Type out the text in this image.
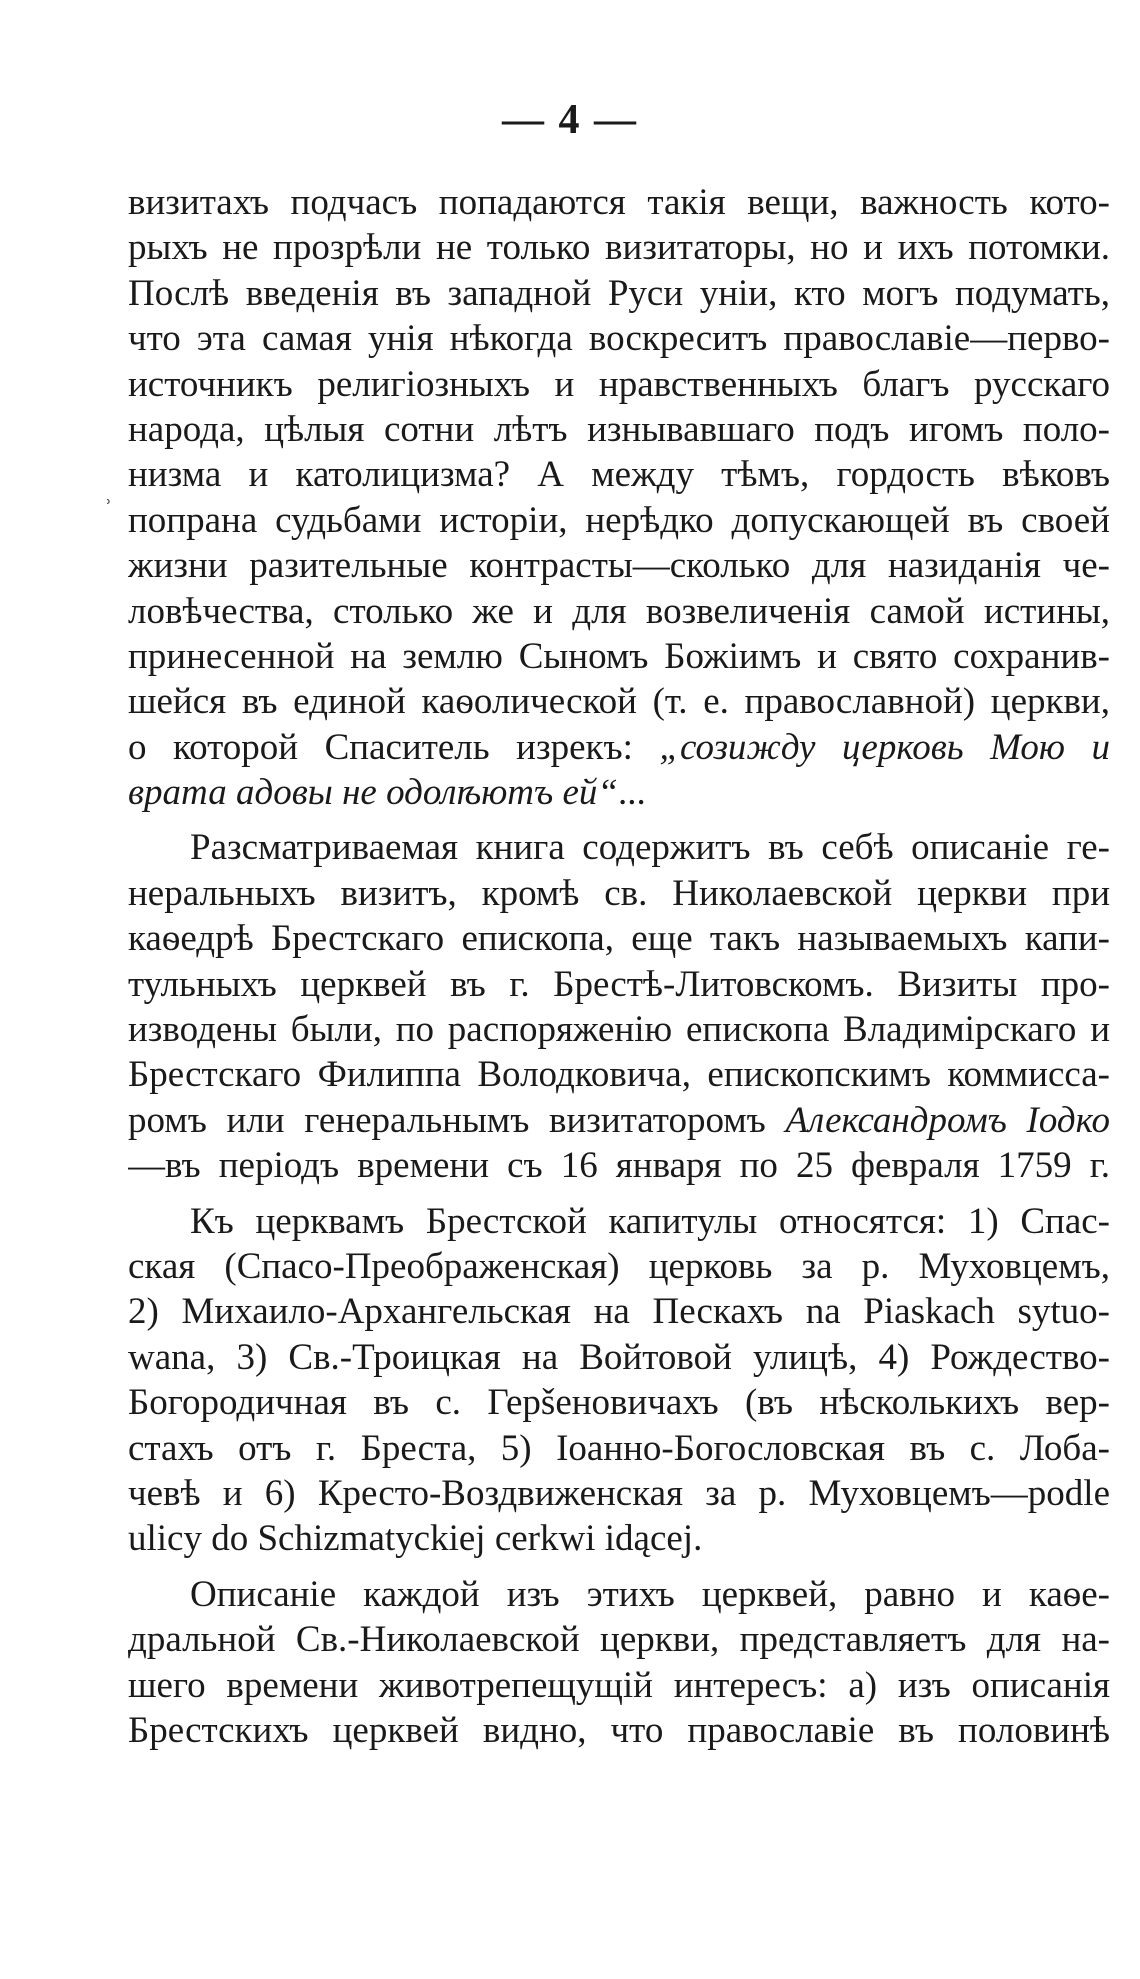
— 4 —
˒
визитахъ подчасъ попадаются такія вещи, важность кото-
рыхъ не прозрѣли не только визитаторы, но и ихъ потомки.
Послѣ введенія въ западной Руси уніи, кто могъ подумать,
что эта самая унія нѣкогда воскреситъ православіе—перво-
источникъ религіозныхъ и нравственныхъ благъ русскаго
народа, цѣлыя сотни лѣтъ изнывавшаго подъ игомъ поло-
низма и католицизма? А между тѣмъ, гордость вѣковъ
попрана судьбами исторіи, нерѣдко допускающей въ своей
жизни разительные контрасты—сколько для назиданія че-
ловѣчества, столько же и для возвеличенія самой истины,
принесенной на землю Сыномъ Божіимъ и свято сохранив-
шейся въ единой каѳолической (т. е. православной) церкви,
о которой Спаситель изрекъ: „созижду церковь Мою и
врата адовы не одолѣютъ ей“...
Разсматриваемая книга содержитъ въ себѣ описаніе ге-
неральныхъ визитъ, кромѣ св. Николаевской церкви при
каѳедрѣ Брестскаго епископа, еще такъ называемыхъ капи-
тульныхъ церквей въ г. Брестѣ-Литовскомъ. Визиты про-
изводены были, по распоряженію епископа Владимірскаго и
Брестскаго Филиппа Володковича, епископскимъ коммисса-
ромъ или генеральнымъ визитаторомъ Александромъ Іодко
—въ періодъ времени съ 16 января по 25 февраля 1759 г.
Къ церквамъ Брестской капитулы относятся: 1) Спас-
ская (Спасо-Преображенская) церковь за р. Муховцемъ,
2) Михаило-Архангельская на Пескахъ na Piaskach sytuo-
wana, 3) Св.-Троицкая на Войтовой улицѣ, 4) Рождество-
Богородичная въ с. Герšеновичахъ (въ нѣсколькихъ вер-
стахъ отъ г. Бреста, 5) Іоанно-Богословская въ с. Лоба-
чевѣ и 6) Кресто-Воздвиженская за р. Муховцемъ—podle
ulicy do Schizmatyckiej cerkwi idącej.
Описаніе каждой изъ этихъ церквей, равно и каѳе-
дральной Св.-Николаевской церкви, представляетъ для на-
шего времени животрепещущій интересъ: а) изъ описанія
Брестскихъ церквей видно, что православіе въ половинѣ
